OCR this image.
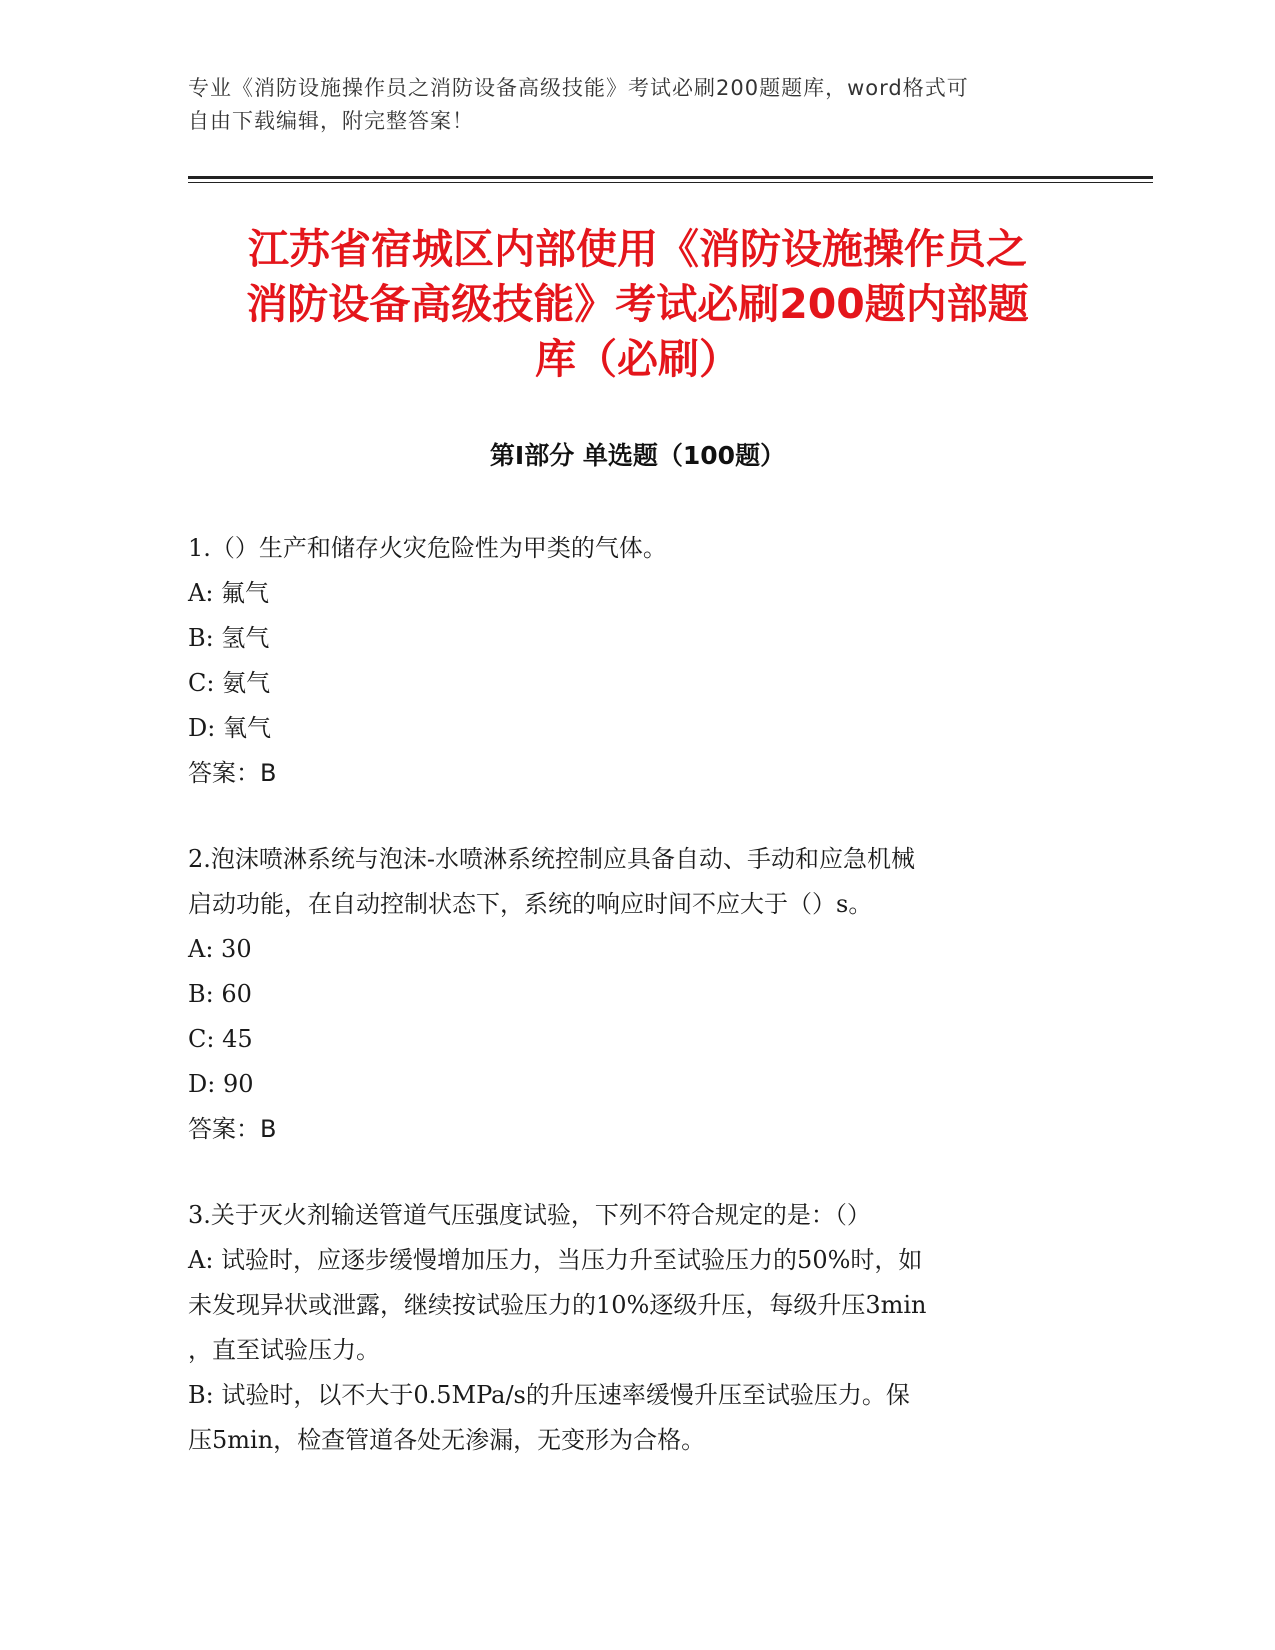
专业《消防设施操作员之消防设备高级技能》考试必刷200题题库，word格式可
自由下载编辑，附完整答案！
江苏省宿城区内部使用《消防设施操作员之
消防设备高级技能》考试必刷200题内部题
库（必刷）
第Ⅰ部分 单选题（100题）
1.（）生产和储存火灾危险性为甲类的气体。
A: 氟气
B: 氢气
C: 氨气
D: 氧气
答案：B
2.泡沫喷淋系统与泡沫-水喷淋系统控制应具备自动、手动和应急机械
启动功能，在自动控制状态下，系统的响应时间不应大于（）s。
A: 30
B: 60
C: 45
D: 90
答案：B
3.关于灭火剂输送管道气压强度试验，下列不符合规定的是：（）
A: 试验时，应逐步缓慢增加压力，当压力升至试验压力的50%时，如
未发现异状或泄露，继续按试验压力的10%逐级升压，每级升压3min
，直至试验压力。
B: 试验时，以不大于0.5MPa/s的升压速率缓慢升压至试验压力。保
压5min，检查管道各处无渗漏，无变形为合格。
